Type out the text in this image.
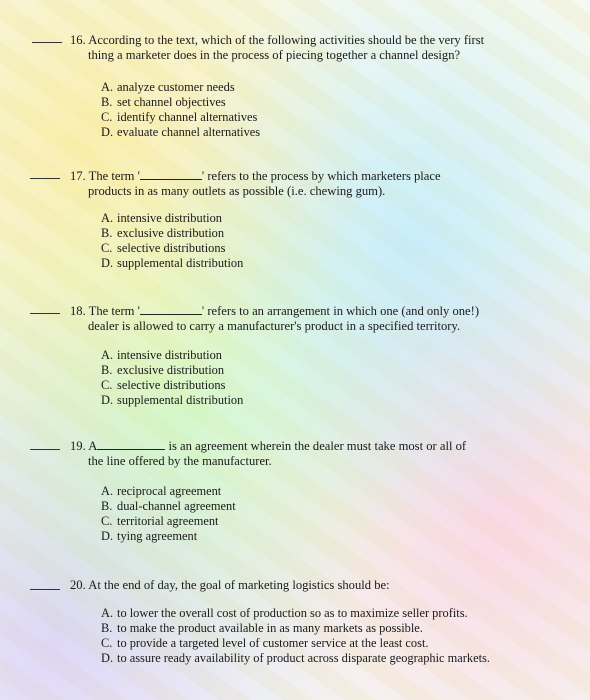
16. According to the text, which of the following activities should be the very first
thing a marketer does in the process of piecing together a channel design?
A. analyze customer needs
B. set channel objectives
C. identify channel alternatives
D. evaluate channel alternatives
17. The term '	' refers to the process by which marketers place
products in as many outlets as possible (i.e. chewing gum).
A. intensive distribution
B. exclusive distribution
C. selective distributions
D. supplemental distribution
18. The term '	' refers to an arrangement in which one (and only one!)
dealer is allowed to carry a manufacturer's product in a specified territory.
A. intensive distribution
B. exclusive distribution
C. selective distributions
D. supplemental distribution
19. A	is an agreement wherein the dealer must take most or all of
the line offered by the manufacturer.
A. reciprocal agreement
B. dual-channel agreement
C. territorial agreement
D. tying agreement
20. At the end of day, the goal of marketing logistics should be:
A. to lower the overall cost of production so as to maximize seller profits.
B. to make the product available in as many markets as possible.
C. to provide a targeted level of customer service at the least cost.
D. to assure ready availability of product across disparate geographic markets.
